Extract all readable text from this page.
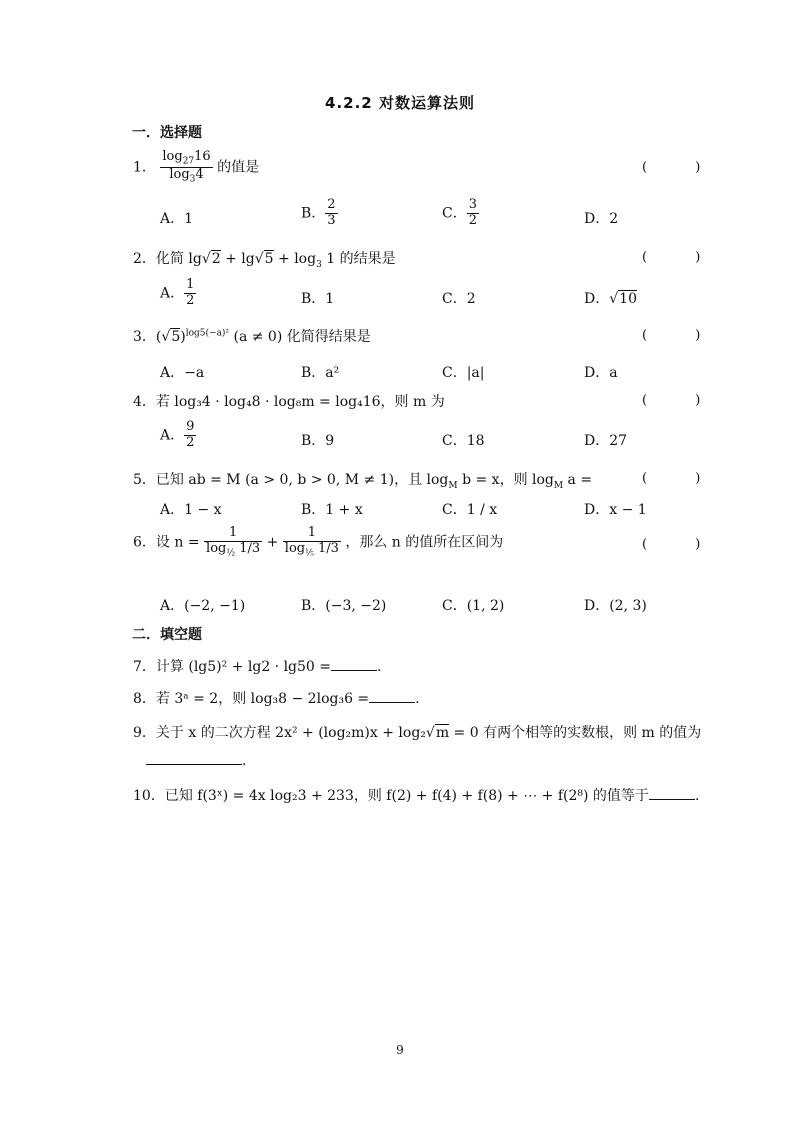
4.2.2 对数运算法则
一．选择题
1． $\frac{\log_{27}16}{\log_34}$ 的值是	( )
A．1	B． $\frac{2}{3}$	C． $\frac{3}{2}$	D．2
2．化简 $\lg√2 + \lg√5 + \log_3 1$ 的结果是	( )
A． $\frac{1}{2}$	B．1	C．2	D．√10
3．$(√5)^{log5(-a)^2}$ (a ≠ 0) 化简得结果是	( )
A．−a	B．a²	C．|a|	D．a
4．若 log₃4 · log₄8 · log₈m = log₄16，则 m 为	( )
A． $\frac{9}{2}$	B．9	C．18	D．27
5．已知 ab = M (a > 0, b > 0, M ≠ 1)，且 $\log_M b = x$，则 $\log_M a$ =	( )
A．1 − x	B．1 + x	C．1 / x	D．x − 1
6．设 $n = \frac{1}{\log_{\frac{1}{2}} 1/3} + \frac{1}{\log_{\frac{1}{5}} 1/3}$ ，那么 n 的值所在区间为	( )
A．(−2, −1)	B．(−3, −2)	C．(1, 2)	D．(2, 3)
二．填空题
7．计算 (lg5)² + lg2 · lg50 =	.
8．若 3ᵃ = 2，则 log₃8 − 2log₃6 =	.
9．关于 x 的二次方程 2x² + (log₂m)x + log₂√m = 0 有两个相等的实数根，则 m 的值为
.
10．已知 f(3ˣ) = 4x log₂3 + 233，则 f(2) + f(4) + f(8) + ⋯ + f(2⁸) 的值等于	.
9
